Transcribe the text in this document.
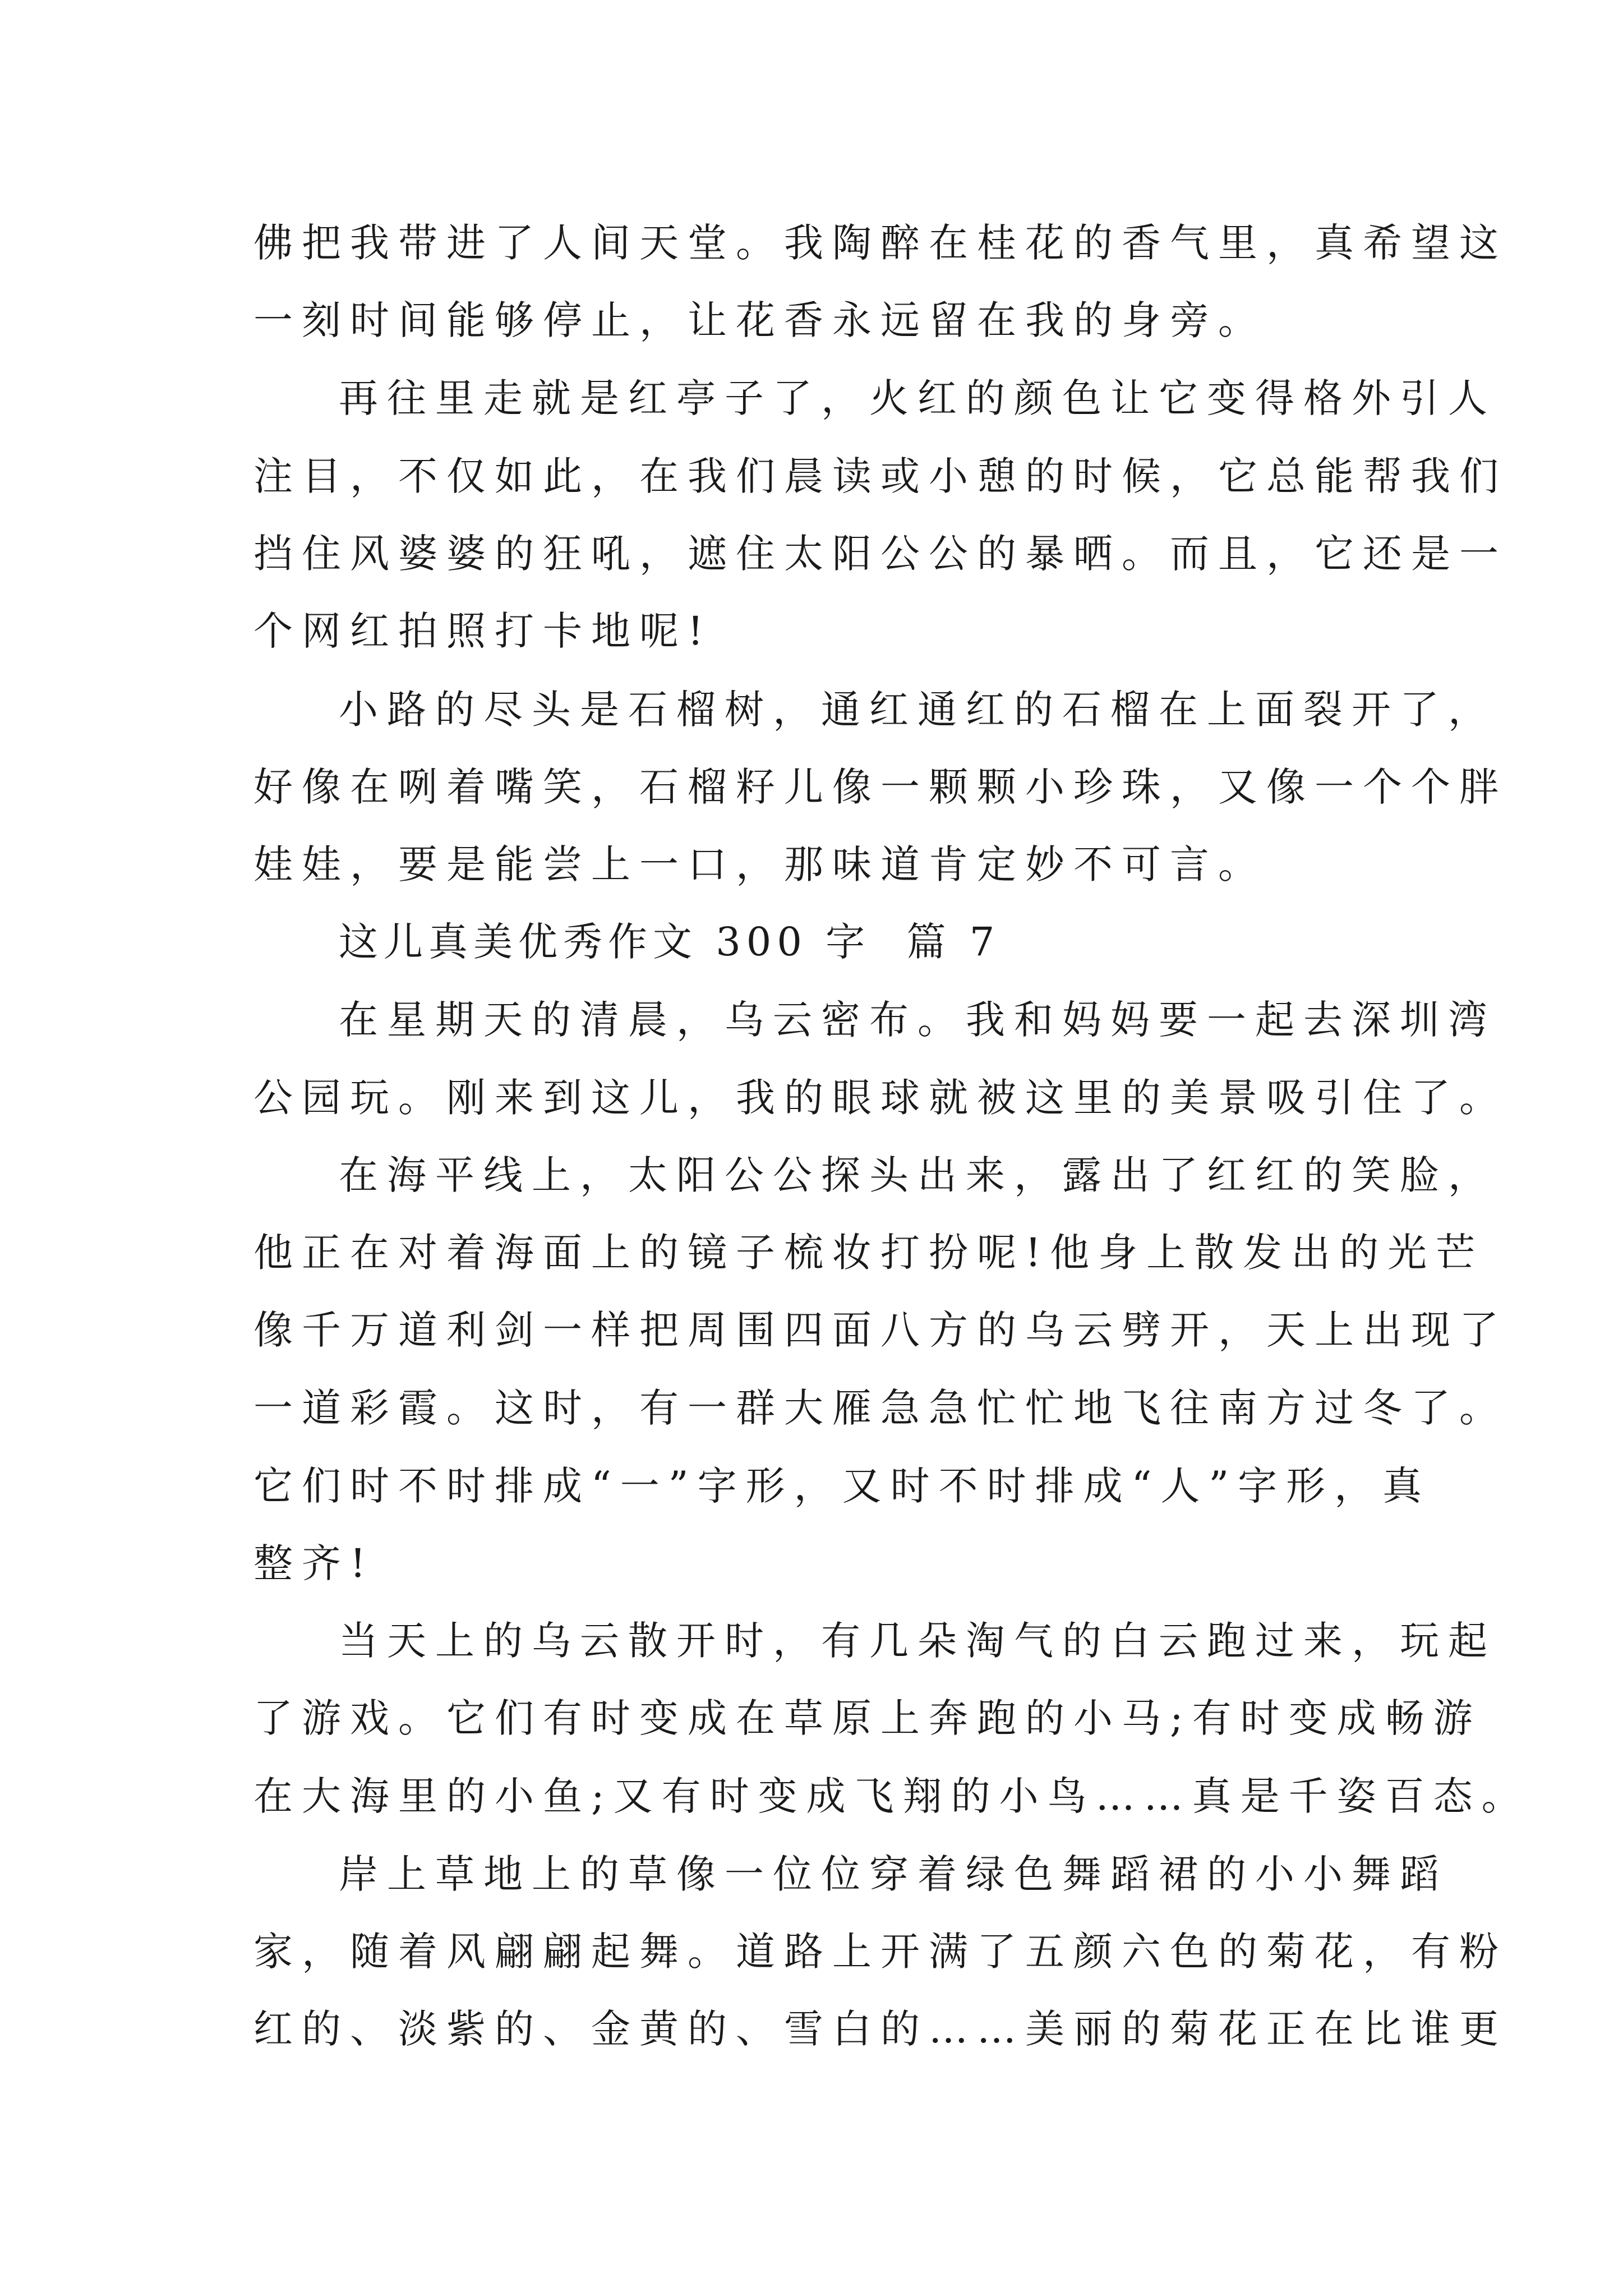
佛把我带进了人间天堂。我陶醉在桂花的香气里，真希望这
一刻时间能够停止，让花香永远留在我的身旁。
再往里走就是红亭子了，火红的颜色让它变得格外引人
注目，不仅如此，在我们晨读或小憩的时候，它总能帮我们
挡住风婆婆的狂吼，遮住太阳公公的暴晒。而且，它还是一
个网红拍照打卡地呢!
小路的尽头是石榴树，通红通红的石榴在上面裂开了，
好像在咧着嘴笑，石榴籽儿像一颗颗小珍珠，又像一个个胖
娃娃，要是能尝上一口，那味道肯定妙不可言。
这儿真美优秀作文 300 字  篇 7
在星期天的清晨，乌云密布。我和妈妈要一起去深圳湾
公园玩。刚来到这儿，我的眼球就被这里的美景吸引住了。
在海平线上，太阳公公探头出来，露出了红红的笑脸，
他正在对着海面上的镜子梳妆打扮呢!他身上散发出的光芒
像千万道利剑一样把周围四面八方的乌云劈开，天上出现了
一道彩霞。这时，有一群大雁急急忙忙地飞往南方过冬了。
它们时不时排成“一”字形，又时不时排成“人”字形，真
整齐!
当天上的乌云散开时，有几朵淘气的白云跑过来，玩起
了游戏。它们有时变成在草原上奔跑的小马;有时变成畅游
在大海里的小鱼;又有时变成飞翔的小鸟……真是千姿百态。
岸上草地上的草像一位位穿着绿色舞蹈裙的小小舞蹈
家，随着风翩翩起舞。道路上开满了五颜六色的菊花，有粉
红的、淡紫的、金黄的、雪白的……美丽的菊花正在比谁更
